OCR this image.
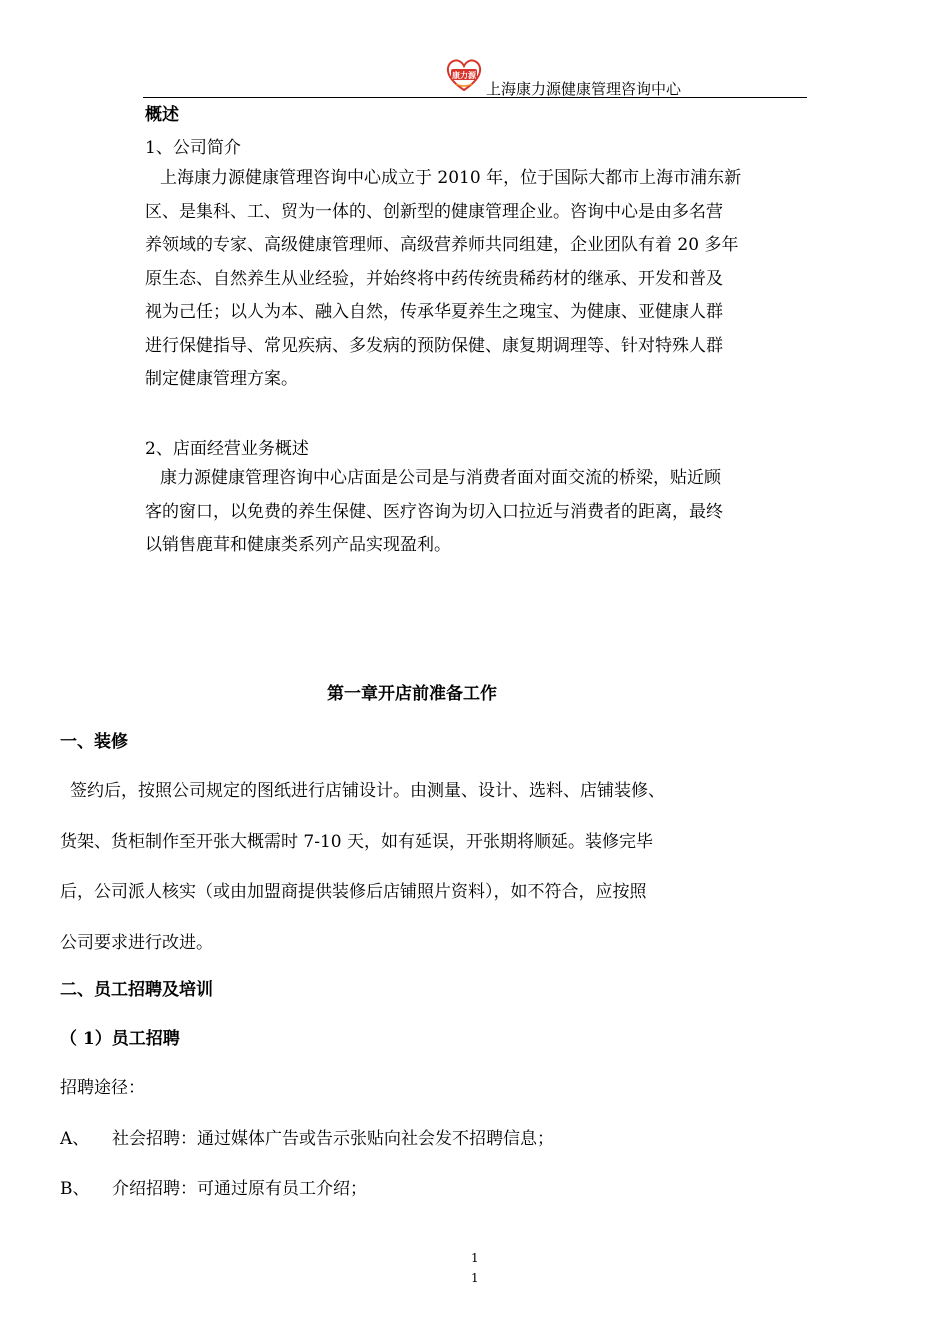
康力源
上海康力源健康管理咨询中心
概述
1、公司简介
上海康力源健康管理咨询中心成立于 2010 年，位于国际大都市上海市浦东新
区、是集科、工、贸为一体的、创新型的健康管理企业。咨询中心是由多名营
养领域的专家、高级健康管理师、高级营养师共同组建，企业团队有着 20 多年
原生态、自然养生从业经验，并始终将中药传统贵稀药材的继承、开发和普及
视为己任；以人为本、融入自然，传承华夏养生之瑰宝、为健康、亚健康人群
进行保健指导、常见疾病、多发病的预防保健、康复期调理等、针对特殊人群
制定健康管理方案。
2、店面经营业务概述
康力源健康管理咨询中心店面是公司是与消费者面对面交流的桥梁，贴近顾
客的窗口，以免费的养生保健、医疗咨询为切入口拉近与消费者的距离，最终
以销售鹿茸和健康类系列产品实现盈利。
第一章开店前准备工作
一、装修
签约后，按照公司规定的图纸进行店铺设计。由测量、设计、选料、店铺装修、
货架、货柜制作至开张大概需时 7-10 天，如有延误，开张期将顺延。装修完毕
后，公司派人核实（或由加盟商提供装修后店铺照片资料），如不符合，应按照
公司要求进行改进。
二、员工招聘及培训
（ 1）员工招聘
招聘途径：
A、 社会招聘：通过媒体广告或告示张贴向社会发不招聘信息；
B、 介绍招聘：可通过原有员工介绍；
1
1
